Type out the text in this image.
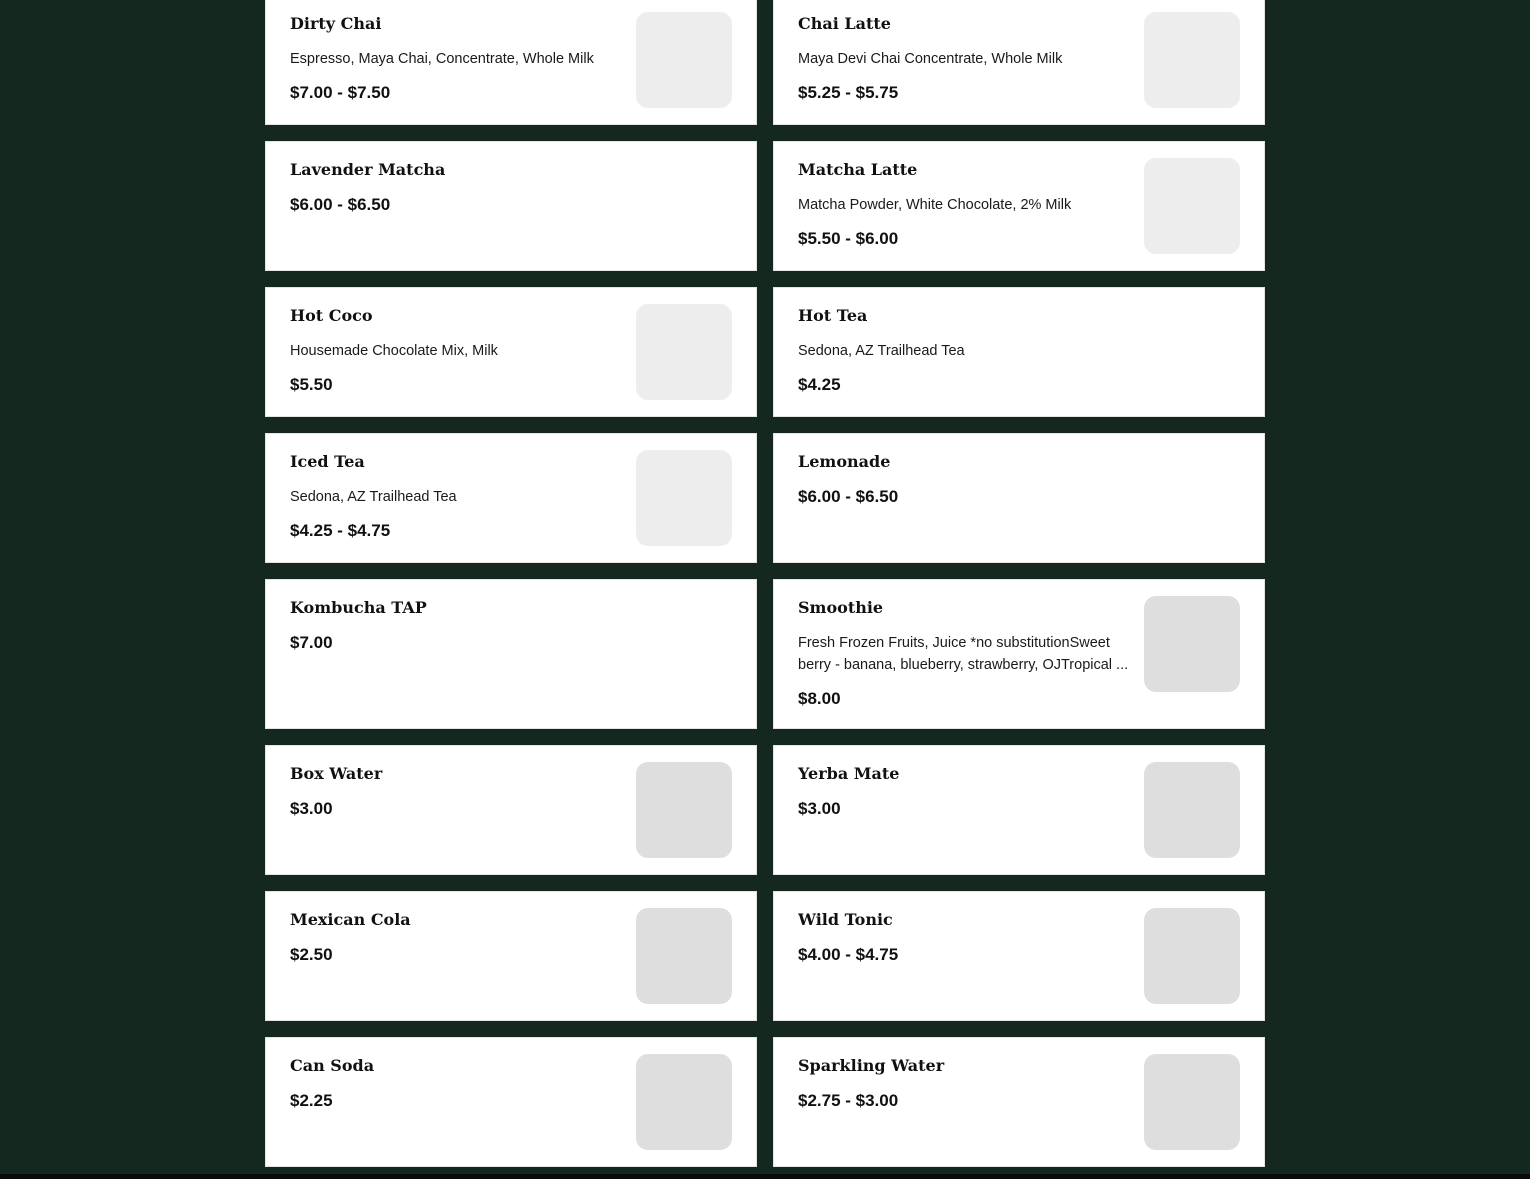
Dirty Chai
Espresso, Maya Chai, Concentrate, Whole Milk
$7.00 - $7.50
Chai Latte
Maya Devi Chai Concentrate, Whole Milk
$5.25 - $5.75
Lavender Matcha
$6.00 - $6.50
Matcha Latte
Matcha Powder, White Chocolate, 2% Milk
$5.50 - $6.00
Hot Coco
Housemade Chocolate Mix, Milk
$5.50
Hot Tea
Sedona, AZ Trailhead Tea
$4.25
Iced Tea
Sedona, AZ Trailhead Tea
$4.25 - $4.75
Lemonade
$6.00 - $6.50
Kombucha TAP
$7.00
Smoothie
Fresh Frozen Fruits, Juice *no substitutionSweet berry - banana, blueberry, strawberry, OJTropical ...
$8.00
Box Water
$3.00
Yerba Mate
$3.00
Mexican Cola
$2.50
Wild Tonic
$4.00 - $4.75
Can Soda
$2.25
Sparkling Water
$2.75 - $3.00
